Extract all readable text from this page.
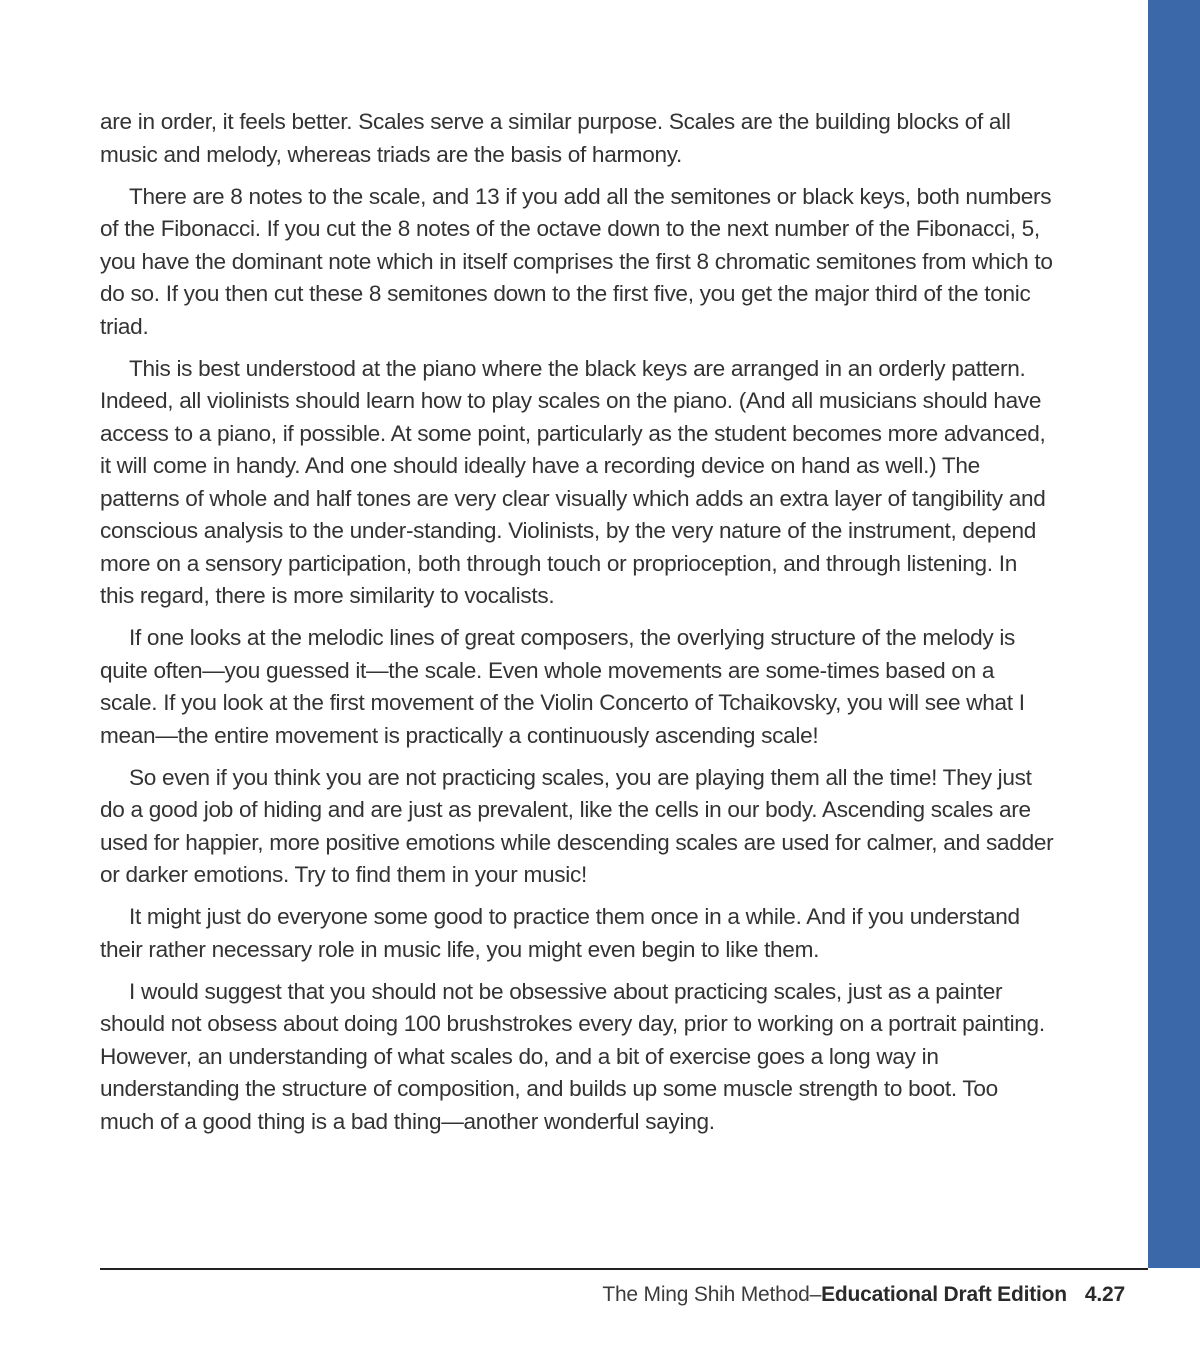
are in order, it feels better. Scales serve a similar purpose. Scales are the building blocks of all music and melody, whereas triads are the basis of harmony.

There are 8 notes to the scale, and 13 if you add all the semitones or black keys, both numbers of the Fibonacci. If you cut the 8 notes of the octave down to the next number of the Fibonacci, 5, you have the dominant note which in itself comprises the first 8 chromatic semitones from which to do so. If you then cut these 8 semitones down to the first five, you get the major third of the tonic triad.

This is best understood at the piano where the black keys are arranged in an orderly pattern. Indeed, all violinists should learn how to play scales on the piano. (And all musicians should have access to a piano, if possible. At some point, particularly as the student becomes more advanced, it will come in handy. And one should ideally have a recording device on hand as well.) The patterns of whole and half tones are very clear visually which adds an extra layer of tangibility and conscious analysis to the under-standing. Violinists, by the very nature of the instrument, depend more on a sensory participation, both through touch or proprioception, and through listening. In this regard, there is more similarity to vocalists.

If one looks at the melodic lines of great composers, the overlying structure of the melody is quite often—you guessed it—the scale. Even whole movements are some-times based on a scale. If you look at the first movement of the Violin Concerto of Tchaikovsky, you will see what I mean—the entire movement is practically a continuously ascending scale!

So even if you think you are not practicing scales, you are playing them all the time! They just do a good job of hiding and are just as prevalent, like the cells in our body. Ascending scales are used for happier, more positive emotions while descending scales are used for calmer, and sadder or darker emotions. Try to find them in your music!

It might just do everyone some good to practice them once in a while. And if you understand their rather necessary role in music life, you might even begin to like them.

I would suggest that you should not be obsessive about practicing scales, just as a painter should not obsess about doing 100 brushstrokes every day, prior to working on a portrait painting. However, an understanding of what scales do, and a bit of exercise goes a long way in understanding the structure of composition, and builds up some muscle strength to boot. Too much of a good thing is a bad thing—another wonderful saying.

The Ming Shih Method–Educational Draft Edition 4.27
